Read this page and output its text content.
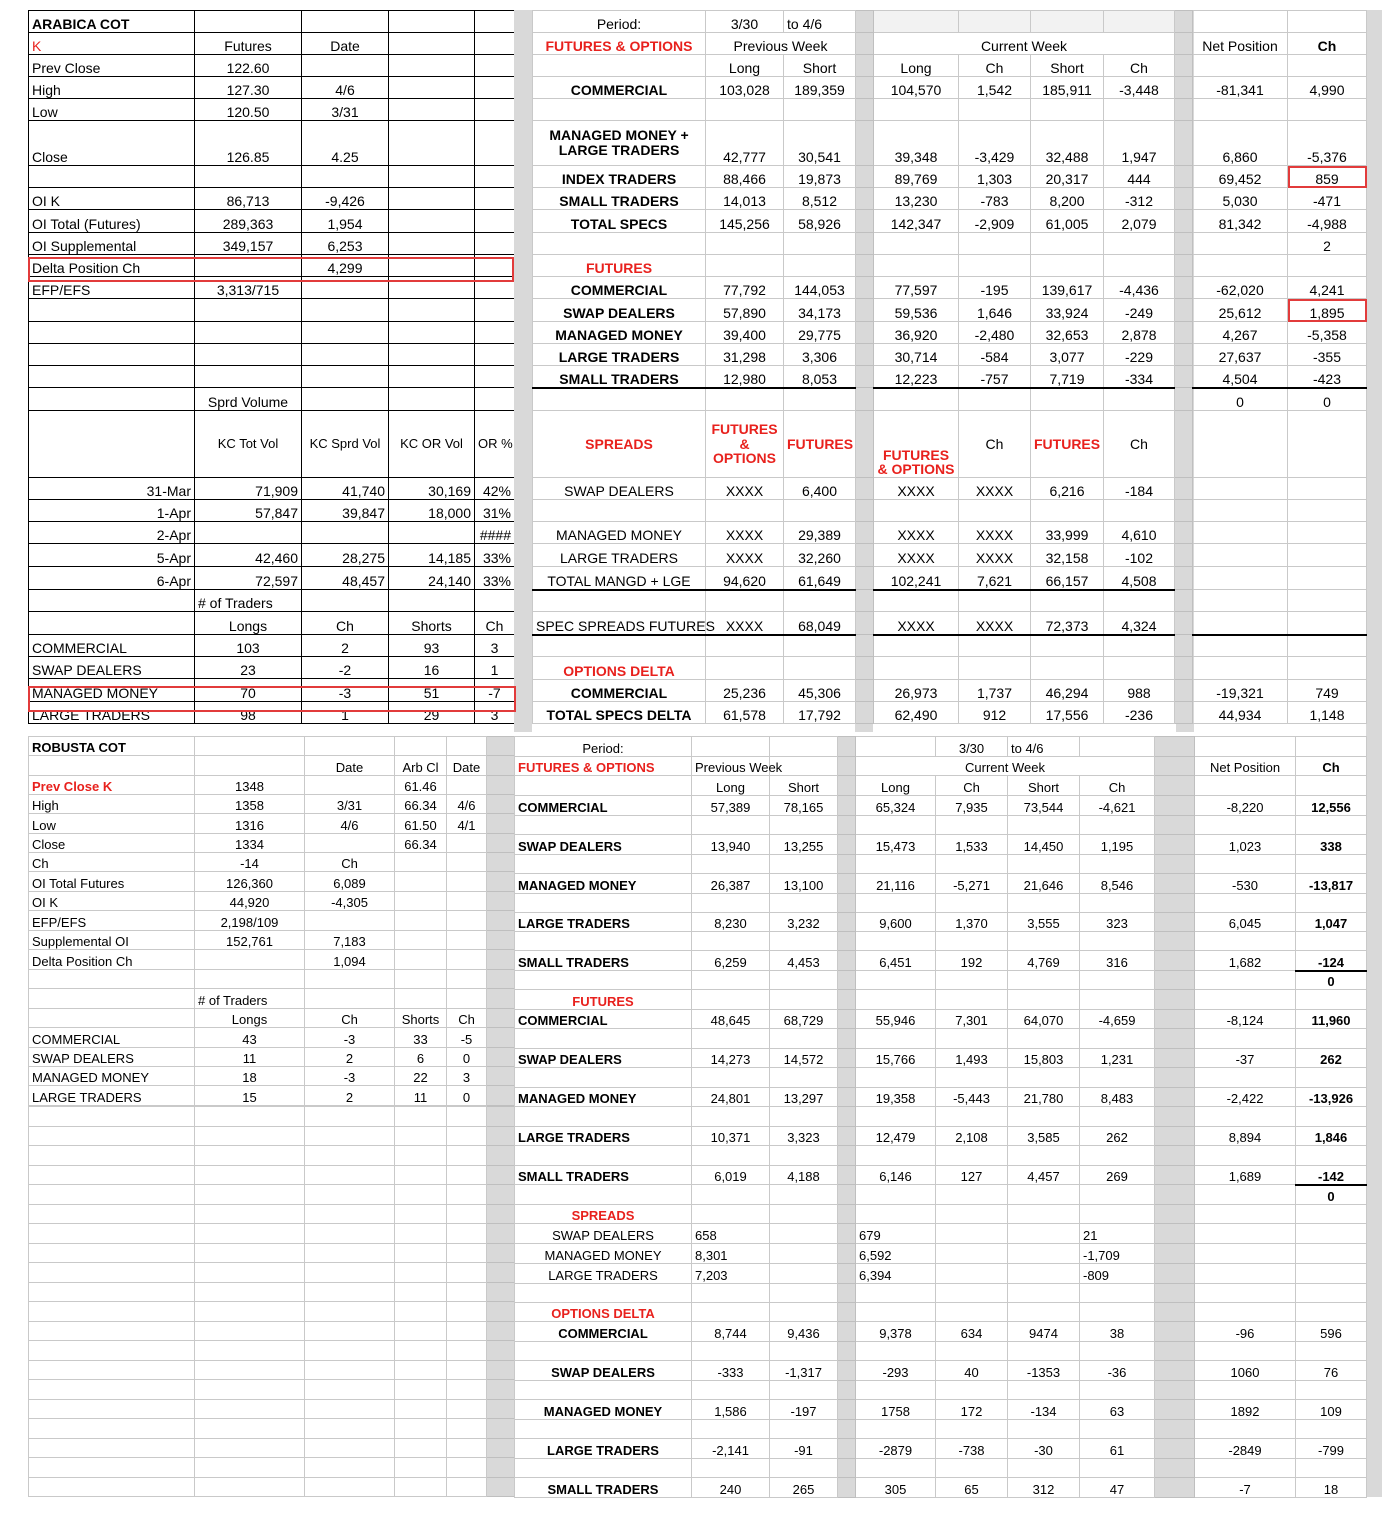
ARABICA COT				
K	Futures	Date		
Prev Close	122.60			
High	127.30	4/6		
Low	120.50	3/31		
Close	126.85	4.25		

OI K	86,713	-9,426		
OI Total (Futures)	289,363	1,954		
OI Supplemental	349,157	6,253		
Delta Position Ch		4,299		
EFP/EFS	3,313/715			

	Sprd Volume			
	KC Tot Vol	KC Sprd Vol	KC OR Vol	OR %
31-Mar	71,909	41,740	30,169	42%
1-Apr	57,847	39,847	18,000	31%
2-Apr				####
5-Apr	42,460	28,275	14,185	33%
6-Apr	72,597	48,457	24,140	33%
	# of Traders			
	Longs	Ch	Shorts	Ch
COMMERCIAL	103	2	93	3
SWAP DEALERS	23	-2	16	1
MANAGED MONEY	70	-3	51	-7
LARGE TRADERS	98	1	29	3
Period:	3/30	to 4/6								
FUTURES & OPTIONS	Previous Week			Current Week					Net Position	Ch
	Long	Short		Long	Ch	Short	Ch			
COMMERCIAL	103,028	189,359		104,570	1,542	185,911	-3,448		-81,341	4,990

MANAGED MONEY + LARGE TRADERS	42,777	30,541		39,348	-3,429	32,488	1,947		6,860	-5,376
INDEX TRADERS	88,466	19,873		89,769	1,303	20,317	444		69,452	859
SMALL TRADERS	14,013	8,512		13,230	-783	8,200	-312		5,030	-471
TOTAL SPECS	145,256	58,926		142,347	-2,909	61,005	2,079		81,342	-4,988
										2
FUTURES										
COMMERCIAL	77,792	144,053		77,597	-195	139,617	-4,436		-62,020	4,241
SWAP DEALERS	57,890	34,173		59,536	1,646	33,924	-249		25,612	1,895
MANAGED MONEY	39,400	29,775		36,920	-2,480	32,653	2,878		4,267	-5,358
LARGE TRADERS	31,298	3,306		30,714	-584	3,077	-229		27,637	-355
SMALL TRADERS	12,980	8,053		12,223	-757	7,719	-334		4,504	-423
									0	0
SPREADS	FUTURES & OPTIONS	FUTURES		FUTURES & OPTIONS	Ch	FUTURES	Ch			
SWAP DEALERS	XXXX	6,400		XXXX	XXXX	6,216	-184			

MANAGED MONEY	XXXX	29,389		XXXX	XXXX	33,999	4,610			
LARGE TRADERS	XXXX	32,260		XXXX	XXXX	32,158	-102			
TOTAL MANGD + LGE	94,620	61,649		102,241	7,621	66,157	4,508			

SPEC SPREADS FUTURES	XXXX	68,049		XXXX	XXXX	72,373	4,324			

OPTIONS DELTA										
COMMERCIAL	25,236	45,306		26,973	1,737	46,294	988		-19,321	749
TOTAL SPECS DELTA	61,578	17,792		62,490	912	17,556	-236		44,934	1,148
ROBUSTA COT					
		Date	Arb Cl	Date	
Prev Close K	1348		61.46		
High	1358	3/31	66.34	4/6	
Low	1316	4/6	61.50	4/1	
Close	1334		66.34		
Ch	-14	Ch			
OI Total Futures	126,360	6,089			
OI K	44,920	-4,305			
EFP/EFS	2,198/109				
Supplemental OI	152,761	7,183			
Delta Position Ch		1,094			

	# of Traders				
	Longs	Ch	Shorts	Ch	
COMMERCIAL	43	-3	33	-5	
SWAP DEALERS	11	2	6	0	
MANAGED MONEY	18	-3	22	3	
LARGE TRADERS	15	2	11	0	

Period:					3/30	to 4/6				
FUTURES & OPTIONS	Previous Week			Current Week					Net Position	Ch
	Long	Short		Long	Ch	Short	Ch			
COMMERCIAL	57,389	78,165		65,324	7,935	73,544	-4,621		-8,220	12,556

SWAP DEALERS	13,940	13,255		15,473	1,533	14,450	1,195		1,023	338

MANAGED MONEY	26,387	13,100		21,116	-5,271	21,646	8,546		-530	-13,817

LARGE TRADERS	8,230	3,232		9,600	1,370	3,555	323		6,045	1,047

SMALL TRADERS	6,259	4,453		6,451	192	4,769	316		1,682	-124
										0
FUTURES										
COMMERCIAL	48,645	68,729		55,946	7,301	64,070	-4,659		-8,124	11,960

SWAP DEALERS	14,273	14,572		15,766	1,493	15,803	1,231		-37	262

MANAGED MONEY	24,801	13,297		19,358	-5,443	21,780	8,483		-2,422	-13,926

LARGE TRADERS	10,371	3,323		12,479	2,108	3,585	262		8,894	1,846

SMALL TRADERS	6,019	4,188		6,146	127	4,457	269		1,689	-142
										0
SPREADS										
SWAP DEALERS	658			679			21			
MANAGED MONEY	8,301			6,592			-1,709			
LARGE TRADERS	7,203			6,394			-809			

OPTIONS DELTA										
COMMERCIAL	8,744	9,436		9,378	634	9474	38		-96	596

SWAP DEALERS	-333	-1,317		-293	40	-1353	-36		1060	76

MANAGED MONEY	1,586	-197		1758	172	-134	63		1892	109

LARGE TRADERS	-2,141	-91		-2879	-738	-30	61		-2849	-799

SMALL TRADERS	240	265		305	65	312	47		-7	18
